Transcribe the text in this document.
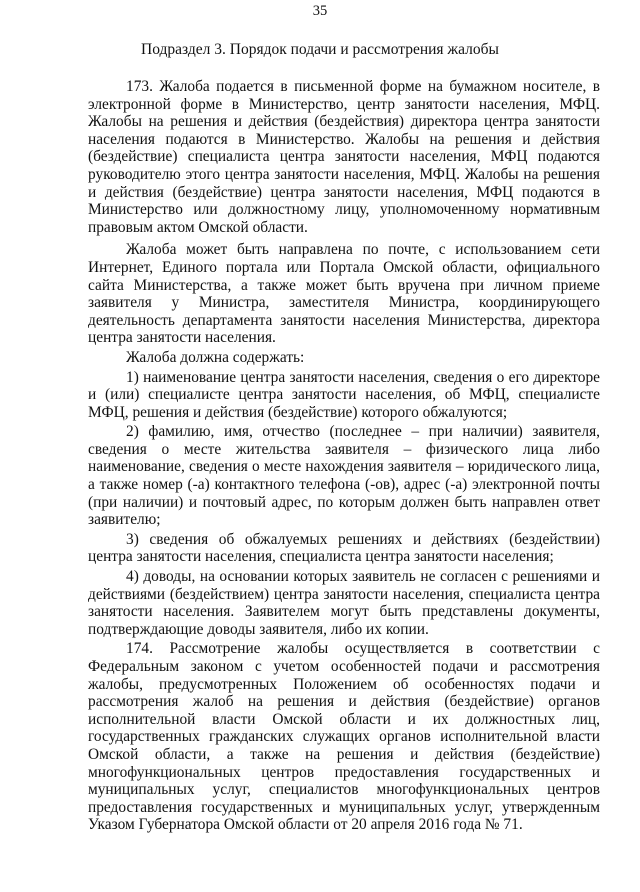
35
Подраздел 3. Порядок подачи и рассмотрения жалобы

173. Жалоба подается в письменной форме на бумажном носителе, в электронной форме в Министерство, центр занятости населения, МФЦ. Жалобы на решения и действия (бездействия) директора центра занятости населения подаются в Министерство. Жалобы на решения и действия (бездействие) специалиста центра занятости населения, МФЦ подаются руководителю этого центра занятости населения, МФЦ. Жалобы на решения и действия (бездействие) центра занятости населения, МФЦ подаются в Министерство или должностному лицу, уполномоченному нормативным правовым актом Омской области.

Жалоба может быть направлена по почте, с использованием сети Интернет, Единого портала или Портала Омской области, официального сайта Министерства, а также может быть вручена при личном приеме заявителя у Министра, заместителя Министра, координирующего деятельность департамента занятости населения Министерства, директора центра занятости населения.

Жалоба должна содержать:

1) наименование центра занятости населения, сведения о его директоре и (или) специалисте центра занятости населения, об МФЦ, специалисте МФЦ, решения и действия (бездействие) которого обжалуются;

2) фамилию, имя, отчество (последнее – при наличии) заявителя, сведения о месте жительства заявителя – физического лица либо наименование, сведения о месте нахождения заявителя – юридического лица, а также номер (-а) контактного телефона (-ов), адрес (-а) электронной почты (при наличии) и почтовый адрес, по которым должен быть направлен ответ заявителю;

3) сведения об обжалуемых решениях и действиях (бездействии) центра занятости населения, специалиста центра занятости населения;

4) доводы, на основании которых заявитель не согласен с решениями и действиями (бездействием) центра занятости населения, специалиста центра занятости населения. Заявителем могут быть представлены документы, подтверждающие доводы заявителя, либо их копии.

174. Рассмотрение жалобы осуществляется в соответствии с Федеральным законом с учетом особенностей подачи и рассмотрения жалобы, предусмотренных Положением об особенностях подачи и рассмотрения жалоб на решения и действия (бездействие) органов исполнительной власти Омской области и их должностных лиц, государственных гражданских служащих органов исполнительной власти Омской области, а также на решения и действия (бездействие) многофункциональных центров предоставления государственных и муниципальных услуг, специалистов многофункциональных центров предоставления государственных и муниципальных услуг, утвержденным Указом Губернатора Омской области от 20 апреля 2016 года № 71.
